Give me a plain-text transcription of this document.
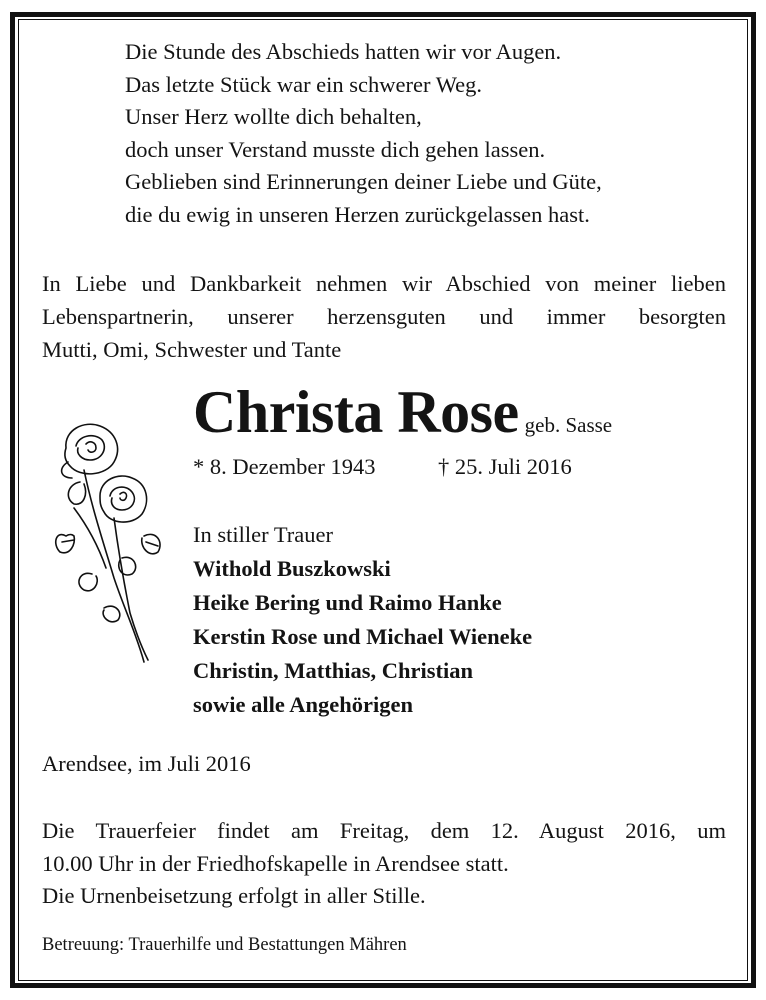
Die Stunde des Abschieds hatten wir vor Augen.
Das letzte Stück war ein schwerer Weg.
Unser Herz wollte dich behalten,
doch unser Verstand musste dich gehen lassen.
Geblieben sind Erinnerungen deiner Liebe und Güte,
die du ewig in unseren Herzen zurückgelassen hast.
In Liebe und Dankbarkeit nehmen wir Abschied von meiner lieben
Lebenspartnerin, unserer herzensguten und immer besorgten
Mutti, Omi, Schwester und Tante
Christa Rose geb. Sasse
* 8. Dezember 1943	† 25. Juli 2016
In stiller Trauer
Withold Buszkowski
Heike Bering und Raimo Hanke
Kerstin Rose und Michael Wieneke
Christin, Matthias, Christian
sowie alle Angehörigen
Arendsee, im Juli 2016
Die Trauerfeier findet am Freitag, dem 12. August 2016, um
10.00 Uhr in der Friedhofskapelle in Arendsee statt.
Die Urnenbeisetzung erfolgt in aller Stille.
Betreuung: Trauerhilfe und Bestattungen Mähren
